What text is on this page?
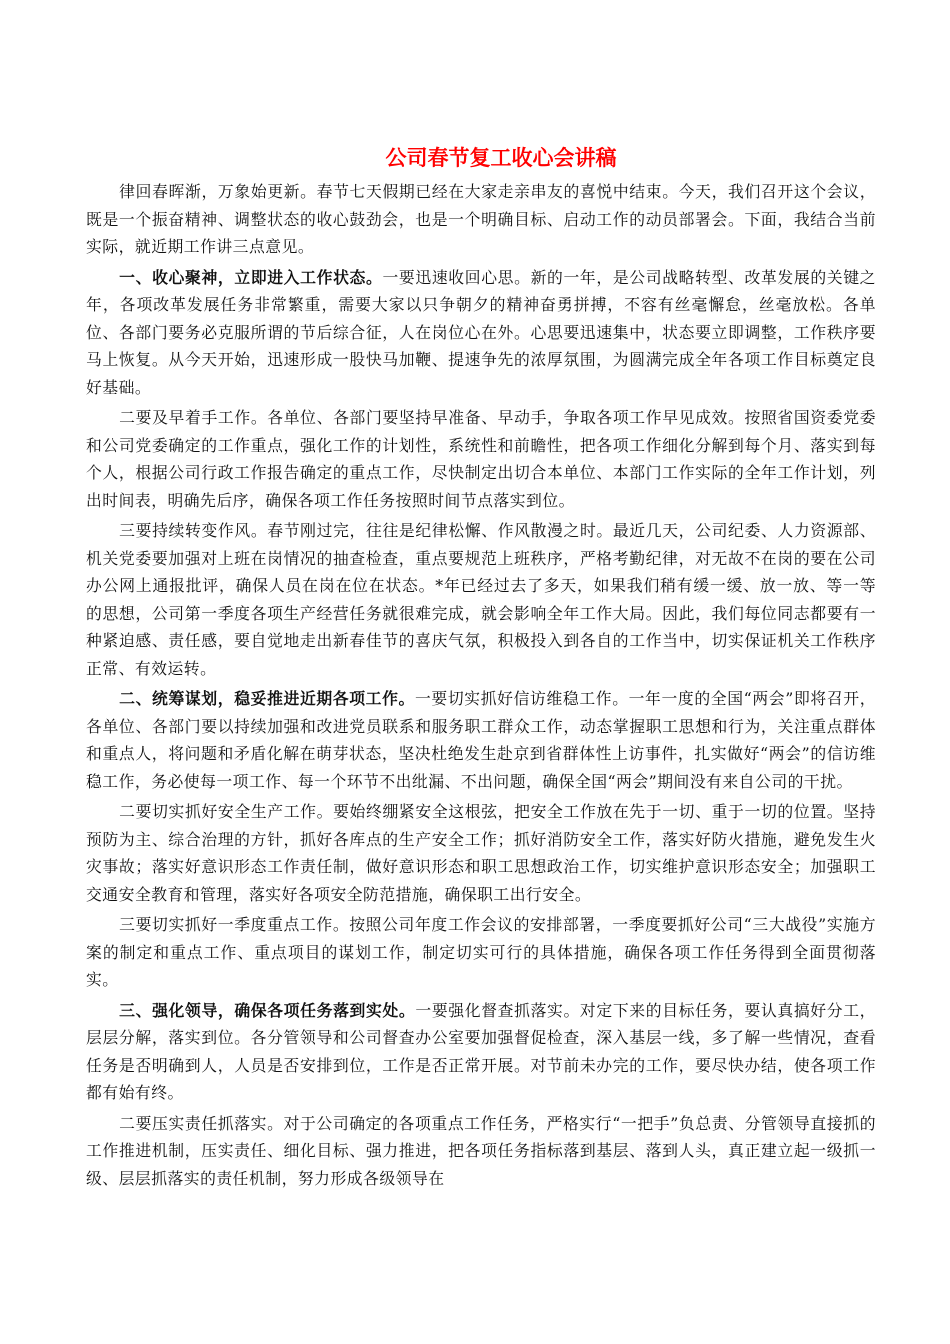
公司春节复工收心会讲稿

律回春晖渐，万象始更新。春节七天假期已经在大家走亲串友的喜悦中结束。今天，我们召开这个会议，既是一个振奋精神、调整状态的收心鼓劲会，也是一个明确目标、启动工作的动员部署会。下面，我结合当前实际，就近期工作讲三点意见。

一、收心聚神，立即进入工作状态。一要迅速收回心思。新的一年，是公司战略转型、改革发展的关键之年，各项改革发展任务非常繁重，需要大家以只争朝夕的精神奋勇拼搏，不容有丝毫懈怠，丝毫放松。各单位、各部门要务必克服所谓的节后综合征，人在岗位心在外。心思要迅速集中，状态要立即调整，工作秩序要马上恢复。从今天开始，迅速形成一股快马加鞭、提速争先的浓厚氛围，为圆满完成全年各项工作目标奠定良好基础。

二要及早着手工作。各单位、各部门要坚持早准备、早动手，争取各项工作早见成效。按照省国资委党委和公司党委确定的工作重点，强化工作的计划性，系统性和前瞻性，把各项工作细化分解到每个月、落实到每个人，根据公司行政工作报告确定的重点工作，尽快制定出切合本单位、本部门工作实际的全年工作计划，列出时间表，明确先后序，确保各项工作任务按照时间节点落实到位。

三要持续转变作风。春节刚过完，往往是纪律松懈、作风散漫之时。最近几天，公司纪委、人力资源部、机关党委要加强对上班在岗情况的抽查检查，重点要规范上班秩序，严格考勤纪律，对无故不在岗的要在公司办公网上通报批评，确保人员在岗在位在状态。*年已经过去了多天，如果我们稍有缓一缓、放一放、等一等的思想，公司第一季度各项生产经营任务就很难完成，就会影响全年工作大局。因此，我们每位同志都要有一种紧迫感、责任感，要自觉地走出新春佳节的喜庆气氛，积极投入到各自的工作当中，切实保证机关工作秩序正常、有效运转。

二、统筹谋划，稳妥推进近期各项工作。一要切实抓好信访维稳工作。一年一度的全国“两会”即将召开，各单位、各部门要以持续加强和改进党员联系和服务职工群众工作，动态掌握职工思想和行为，关注重点群体和重点人，将问题和矛盾化解在萌芽状态，坚决杜绝发生赴京到省群体性上访事件，扎实做好“两会”的信访维稳工作，务必使每一项工作、每一个环节不出纰漏、不出问题，确保全国“两会”期间没有来自公司的干扰。

二要切实抓好安全生产工作。要始终绷紧安全这根弦，把安全工作放在先于一切、重于一切的位置。坚持预防为主、综合治理的方针，抓好各库点的生产安全工作；抓好消防安全工作，落实好防火措施，避免发生火灾事故；落实好意识形态工作责任制，做好意识形态和职工思想政治工作，切实维护意识形态安全；加强职工交通安全教育和管理，落实好各项安全防范措施，确保职工出行安全。

三要切实抓好一季度重点工作。按照公司年度工作会议的安排部署，一季度要抓好公司“三大战役”实施方案的制定和重点工作、重点项目的谋划工作，制定切实可行的具体措施，确保各项工作任务得到全面贯彻落实。

三、强化领导，确保各项任务落到实处。一要强化督查抓落实。对定下来的目标任务，要认真搞好分工，层层分解，落实到位。各分管领导和公司督查办公室要加强督促检查，深入基层一线，多了解一些情况，查看任务是否明确到人，人员是否安排到位，工作是否正常开展。对节前未办完的工作，要尽快办结，使各项工作都有始有终。

二要压实责任抓落实。对于公司确定的各项重点工作任务，严格实行“一把手”负总责、分管领导直接抓的工作推进机制，压实责任、细化目标、强力推进，把各项任务指标落到基层、落到人头，真正建立起一级抓一级、层层抓落实的责任机制，努力形成各级领导在
